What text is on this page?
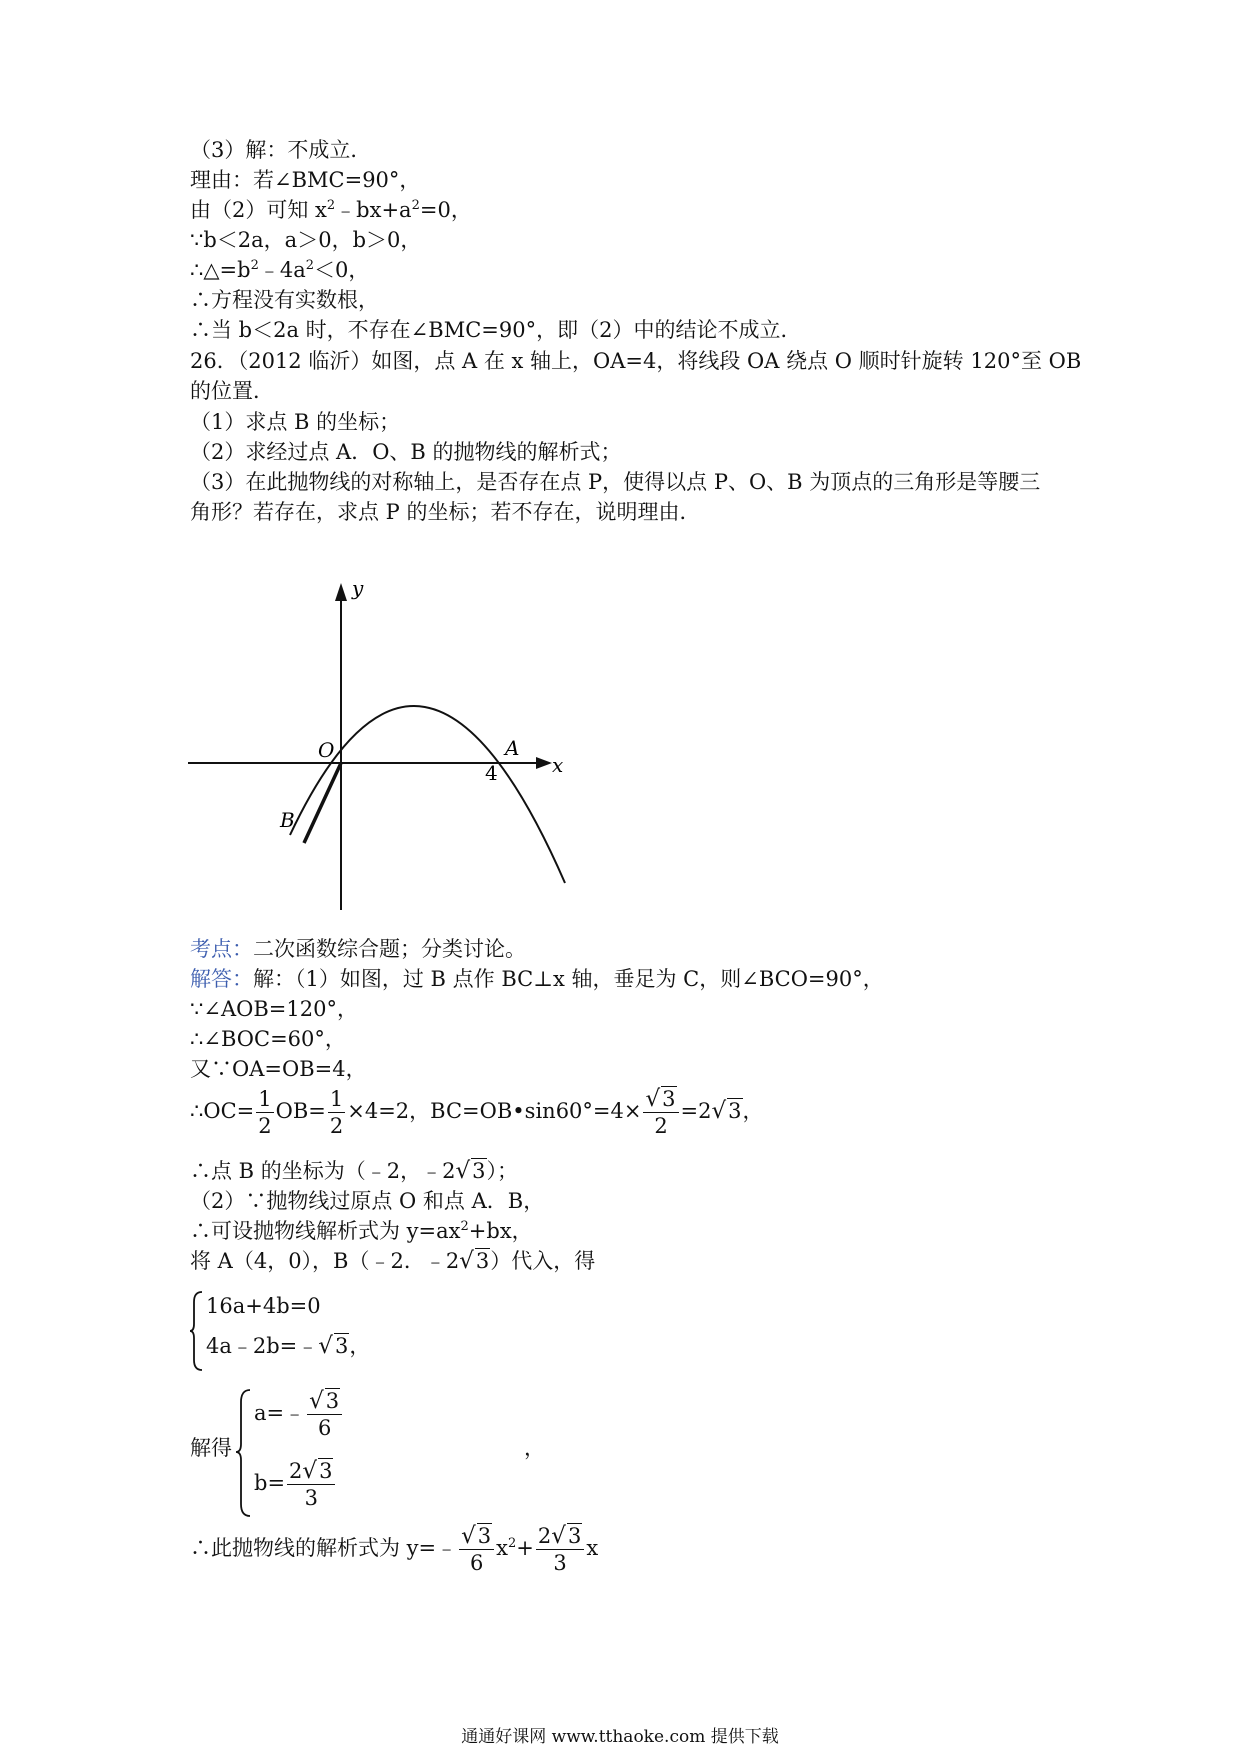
（3）解：不成立．
理由：若∠BMC=90°，
由（2）可知 $x^2﹣bx+a^2=0$，
∵b＜2a，a＞0，b＞0，
$\therefore\triangle=b^2﹣4a^2<0$，
∴方程没有实数根，
∴当 b＜2a 时，不存在∠BMC=90°，即（2）中的结论不成立．
26．（2012 临沂）如图，点 A 在 x 轴上，OA=4，将线段 OA 绕点 O 顺时针旋转 120°至 OB
的位置．
（1）求点 B 的坐标；
（2）求经过点 A．O、B 的抛物线的解析式；
（3）在此抛物线的对称轴上，是否存在点 P，使得以点 P、O、B 为顶点的三角形是等腰三
角形？若存在，求点 P 的坐标；若不存在，说明理由．
y
x
O	A
4
B
考点：二次函数综合题；分类讨论。
解答：解：（1）如图，过 B 点作 BC⊥x 轴，垂足为 C，则∠BCO=90°，
∵∠AOB=120°，
∴∠BOC=60°，
又∵OA=OB=4，
∴OC= $\frac{1}{2} OB= \frac{1}{2} \times 4=2$，BC=OB•sin60°=4× $\frac{√3}{2} =2√3$，
∴点 B 的坐标为（﹣2，﹣2√3）；
（2）∵抛物线过原点 O 和点 A．B，
∴可设抛物线解析式为 $y=ax^2+bx$，
将 A（4，0），B（﹣2．﹣2√3）代入，得
16a+4b=0
4a﹣2b=﹣√3，
解得
a=﹣ $\frac{√3}{6}$
，
$b= \frac{2√3}{3}$
∴此抛物线的解析式为 y=﹣ $\frac{√3}{6} x^2+ \frac{2√3}{3}$ x
通通好课网 www.tthaoke.com 提供下载
